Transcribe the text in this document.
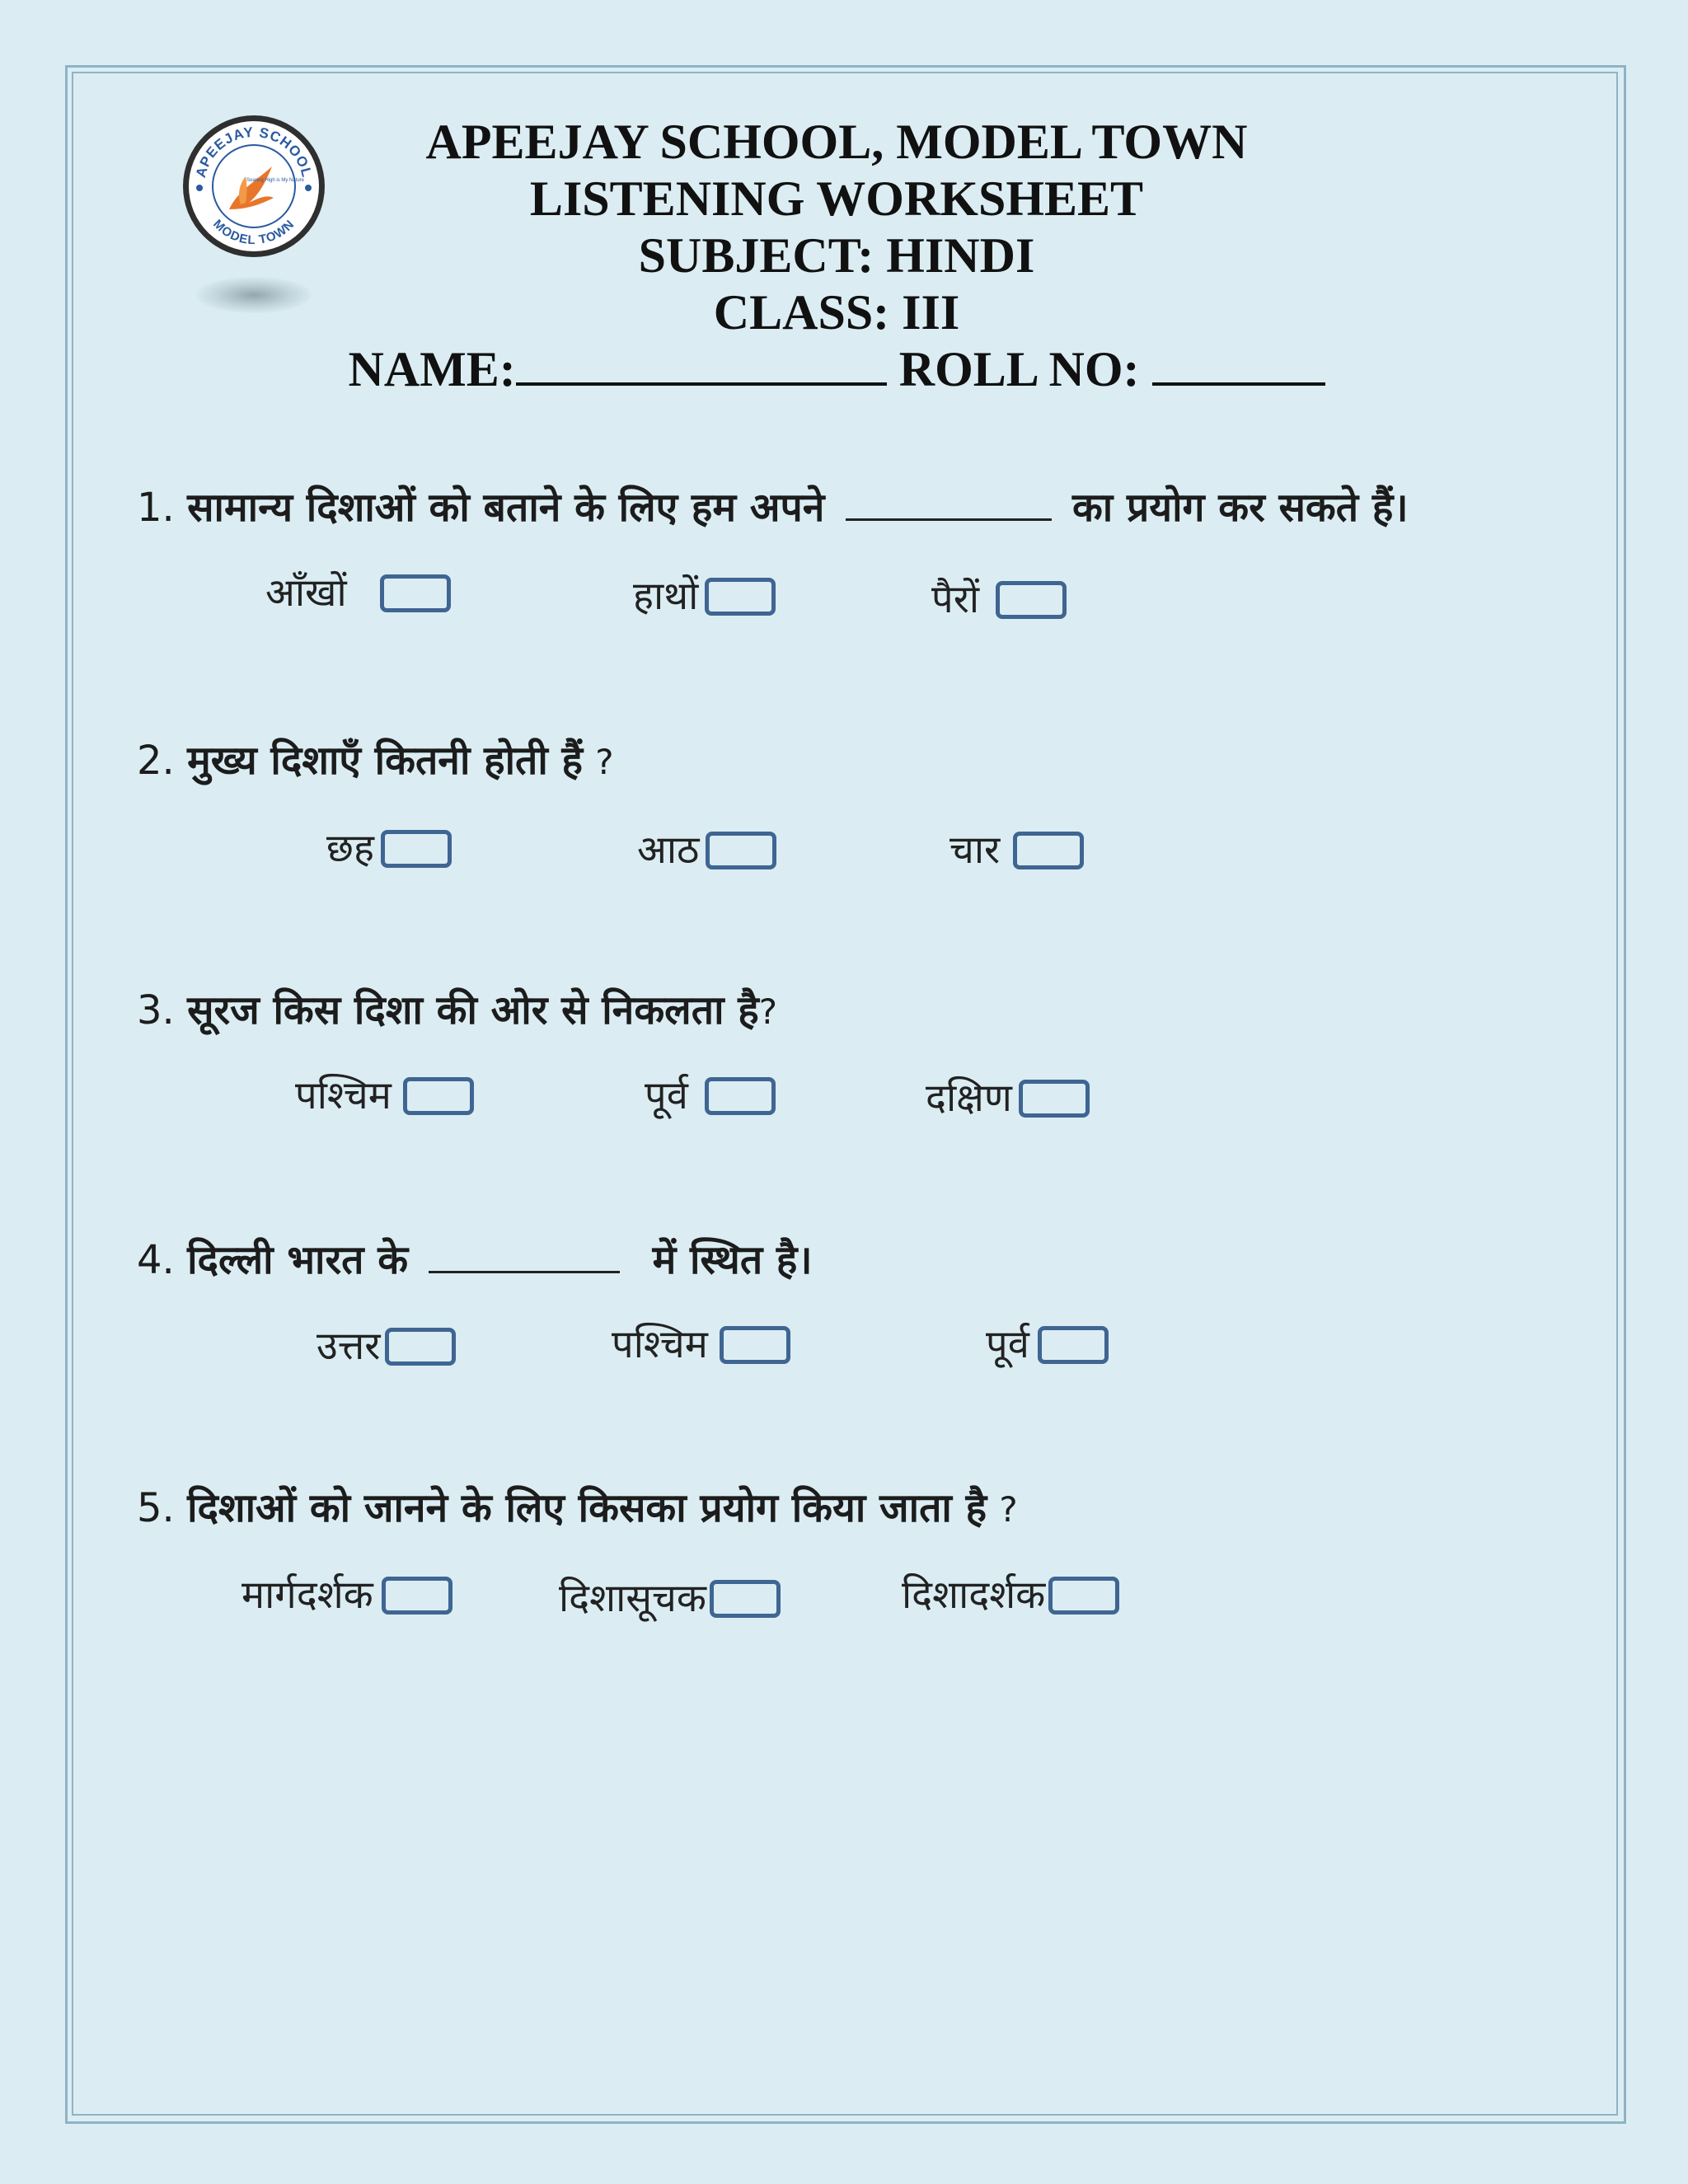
APEEJAY SCHOOL
MODEL TOWN
Soaring High is My Nature
APEEJAY SCHOOL, MODEL TOWN
LISTENING WORKSHEET
SUBJECT: HINDI
CLASS: III
NAME:	ROLL NO:
1. सामान्य दिशाओं को बताने के लिए हम अपने	का प्रयोग कर सकते हैं।
आँखों	हाथों	पैरों
2. मुख्य दिशाएँ कितनी होती हैं ?
छह	आठ	चार
3. सूरज किस दिशा की ओर से निकलता है?
पश्चिम	पूर्व	दक्षिण
4. दिल्ली भारत के	में स्थित है।
उत्तर	पश्चिम	पूर्व
5. दिशाओं को जानने के लिए किसका प्रयोग किया जाता है ?
मार्गदर्शक	दिशासूचक	दिशादर्शक
